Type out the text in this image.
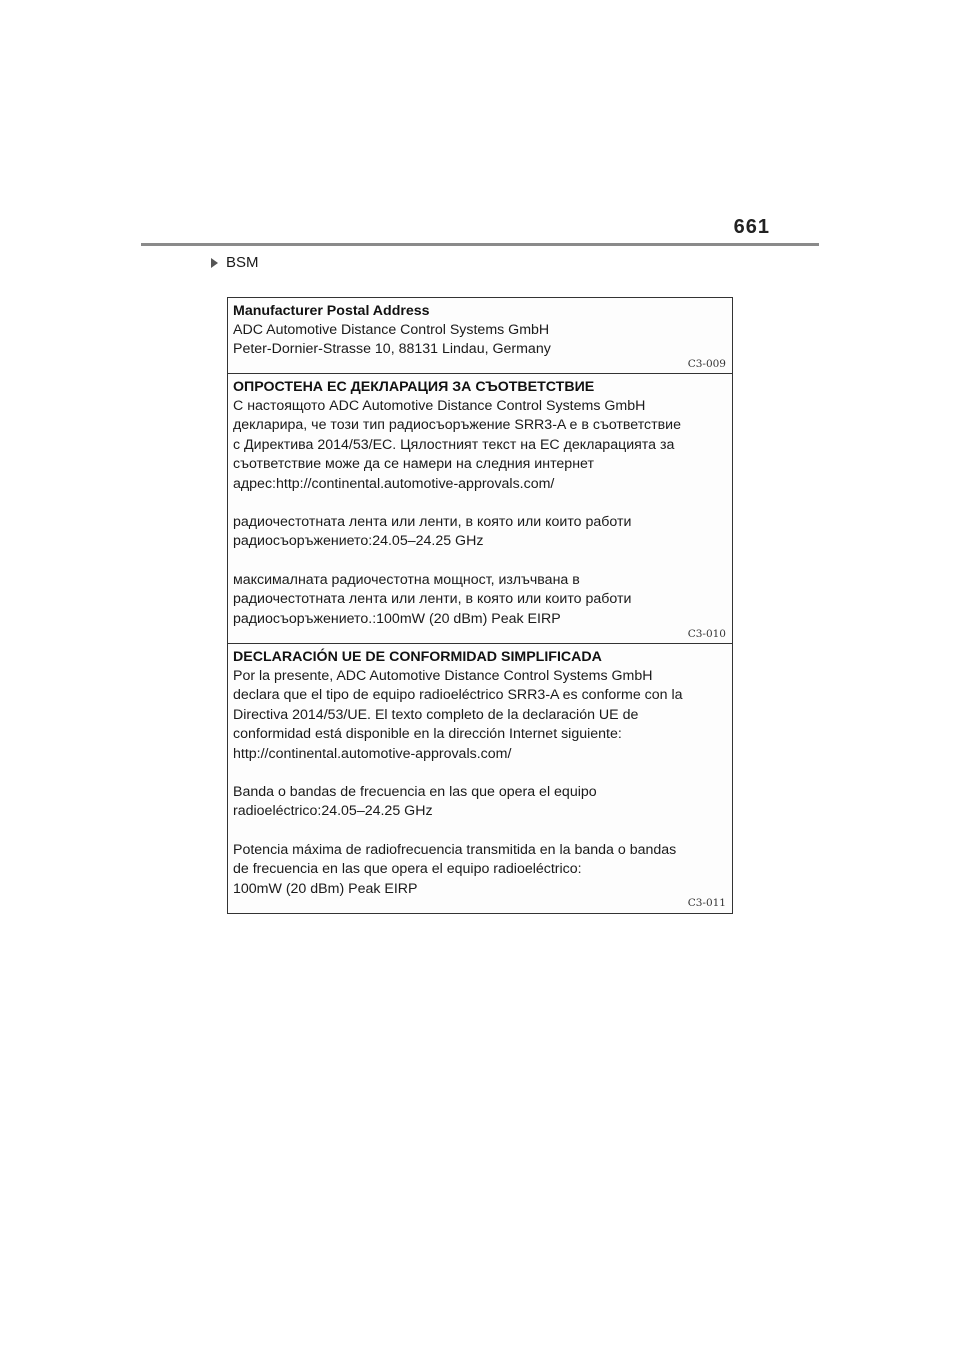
661
BSM
Manufacturer Postal Address
ADC Automotive Distance Control Systems GmbH
Peter-Dornier-Strasse 10, 88131 Lindau, Germany
C3-009
ОПРОСТЕНА ЕС ДЕКЛАРАЦИЯ ЗА СЪОТВЕТСТВИЕ
С настоящото ADC Automotive Distance Control Systems GmbH
декларира, че този тип радиосъоръжение SRR3-A е в съответствие
с Директива 2014/53/ЕС. Цялостният текст на ЕС декларацията за
съответствие може да се намери на следния интернет
адрес:http://continental.automotive-approvals.com/
радиочестотната лента или ленти, в която или които работи
радиосъоръжението:24.05–24.25 GHz
максималната радиочестотна мощност, излъчвана в
радиочестотната лента или ленти, в която или които работи
радиосъоръжението.:100mW (20 dBm) Peak EIRP
C3-010
DECLARACIÓN UE DE CONFORMIDAD SIMPLIFICADA
Por la presente, ADC Automotive Distance Control Systems GmbH
declara que el tipo de equipo radioeléctrico SRR3-A es conforme con la
Directiva 2014/53/UE. El texto completo de la declaración UE de
conformidad está disponible en la dirección Internet siguiente:
http://continental.automotive-approvals.com/
Banda o bandas de frecuencia en las que opera el equipo
radioeléctrico:24.05–24.25 GHz
Potencia máxima de radiofrecuencia transmitida en la banda o bandas
de frecuencia en las que opera el equipo radioeléctrico:
100mW (20 dBm) Peak EIRP
C3-011
